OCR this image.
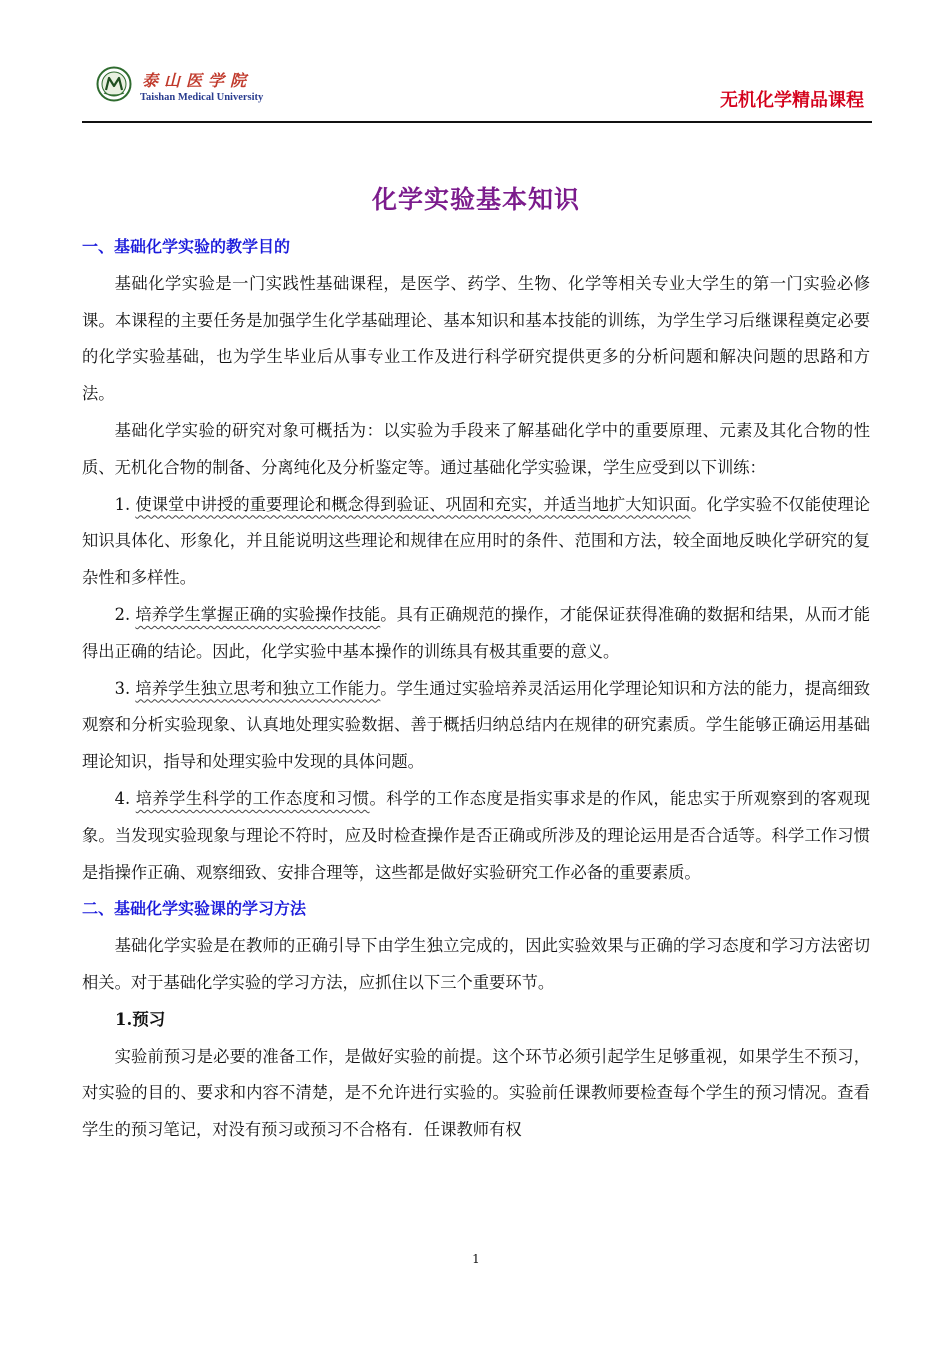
泰山医学院
Taishan Medical University	无机化学精品课程
化学实验基本知识
一、基础化学实验的教学目的

基础化学实验是一门实践性基础课程，是医学、药学、生物、化学等相关专业大学生的第一门实验必修课。本课程的主要任务是加强学生化学基础理论、基本知识和基本技能的训练，为学生学习后继课程奠定必要的化学实验基础，也为学生毕业后从事专业工作及进行科学研究提供更多的分析问题和解决问题的思路和方法。

基础化学实验的研究对象可概括为：以实验为手段来了解基础化学中的重要原理、元素及其化合物的性质、无机化合物的制备、分离纯化及分析鉴定等。通过基础化学实验课，学生应受到以下训练：

1. 使课堂中讲授的重要理论和概念得到验证、巩固和充实，并适当地扩大知识面。化学实验不仅能使理论知识具体化、形象化，并且能说明这些理论和规律在应用时的条件、范围和方法，较全面地反映化学研究的复杂性和多样性。

2. 培养学生掌握正确的实验操作技能。具有正确规范的操作，才能保证获得准确的数据和结果，从而才能得出正确的结论。因此，化学实验中基本操作的训练具有极其重要的意义。

3. 培养学生独立思考和独立工作能力。学生通过实验培养灵活运用化学理论知识和方法的能力，提高细致观察和分析实验现象、认真地处理实验数据、善于概括归纳总结内在规律的研究素质。学生能够正确运用基础理论知识，指导和处理实验中发现的具体问题。

4. 培养学生科学的工作态度和习惯。科学的工作态度是指实事求是的作风，能忠实于所观察到的客观现象。当发现实验现象与理论不符时，应及时检查操作是否正确或所涉及的理论运用是否合适等。科学工作习惯是指操作正确、观察细致、安排合理等，这些都是做好实验研究工作必备的重要素质。

二、基础化学实验课的学习方法

基础化学实验是在教师的正确引导下由学生独立完成的，因此实验效果与正确的学习态度和学习方法密切相关。对于基础化学实验的学习方法，应抓住以下三个重要环节。

1.预习

实验前预习是必要的准备工作，是做好实验的前提。这个环节必须引起学生足够重视，如果学生不预习，对实验的目的、要求和内容不清楚，是不允许进行实验的。实验前任课教师要检查每个学生的预习情况。查看学生的预习笔记，对没有预习或预习不合格有．任课教师有权

1
